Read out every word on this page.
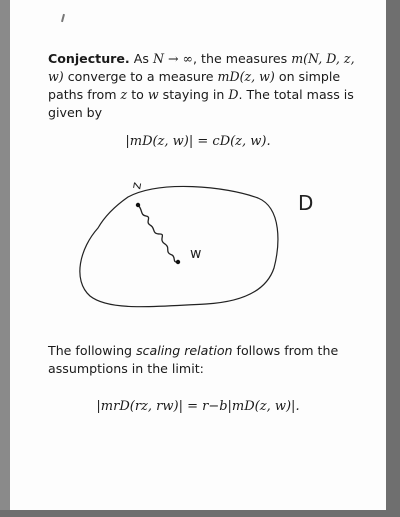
Conjecture. As N → ∞, the measures m(N, D, z, w) converge to a measure mD(z, w) on simple paths from z to w staying in D. The total mass is given by
|mD(z, w)| = cD(z, w).
z
w
D
The following scaling relation follows from the assumptions in the limit:
|mrD(rz, rw)| = r−b|mD(z, w)|.
